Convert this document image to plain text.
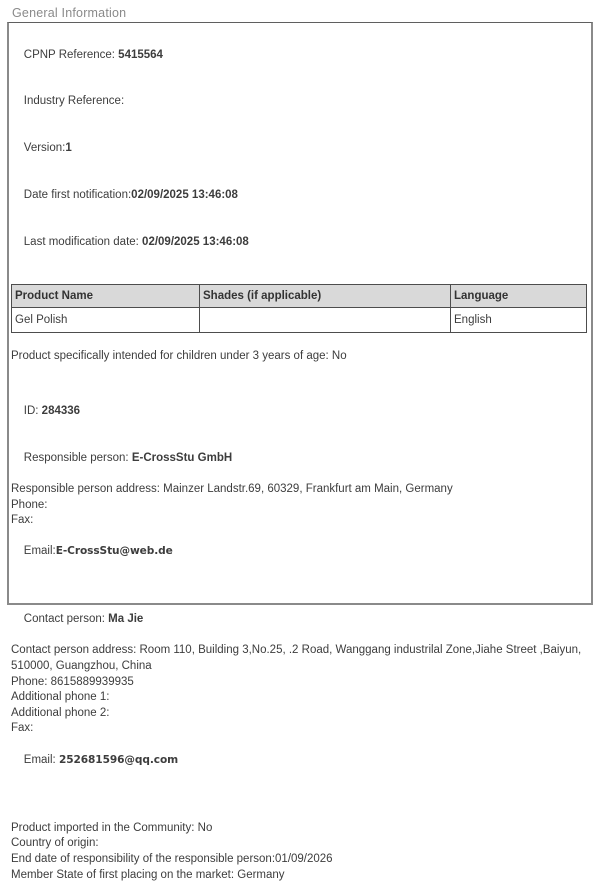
General Information

CPNP Reference: 5415564

Industry Reference:

Version:1

Date first notification:02/09/2025 13:46:08

Last modification date: 02/09/2025 13:46:08

Product Name	Shades (if applicable)	Language
Gel Polish		English
Product specifically intended for children under 3 years of age: No

ID: 284336

Responsible person: E-CrossStu GmbH

Responsible person address: Mainzer Landstr.69, 60329, Frankfurt am Main, Germany
Phone:
Fax:

Email:E-CrossStu@web.de

Contact person: Ma Jie

Contact person address: Room 110, Building 3,No.25, .2 Road, Wanggang industrilal Zone,Jiahe Street ,Baiyun, 510000, Guangzhou, China
Phone: 8615889939935
Additional phone 1:
Additional phone 2:
Fax:

Email: 252681596@qq.com

Product imported in the Community: No
Country of origin:
End date of responsibility of the responsible person:01/09/2026
Member State of first placing on the market: Germany
